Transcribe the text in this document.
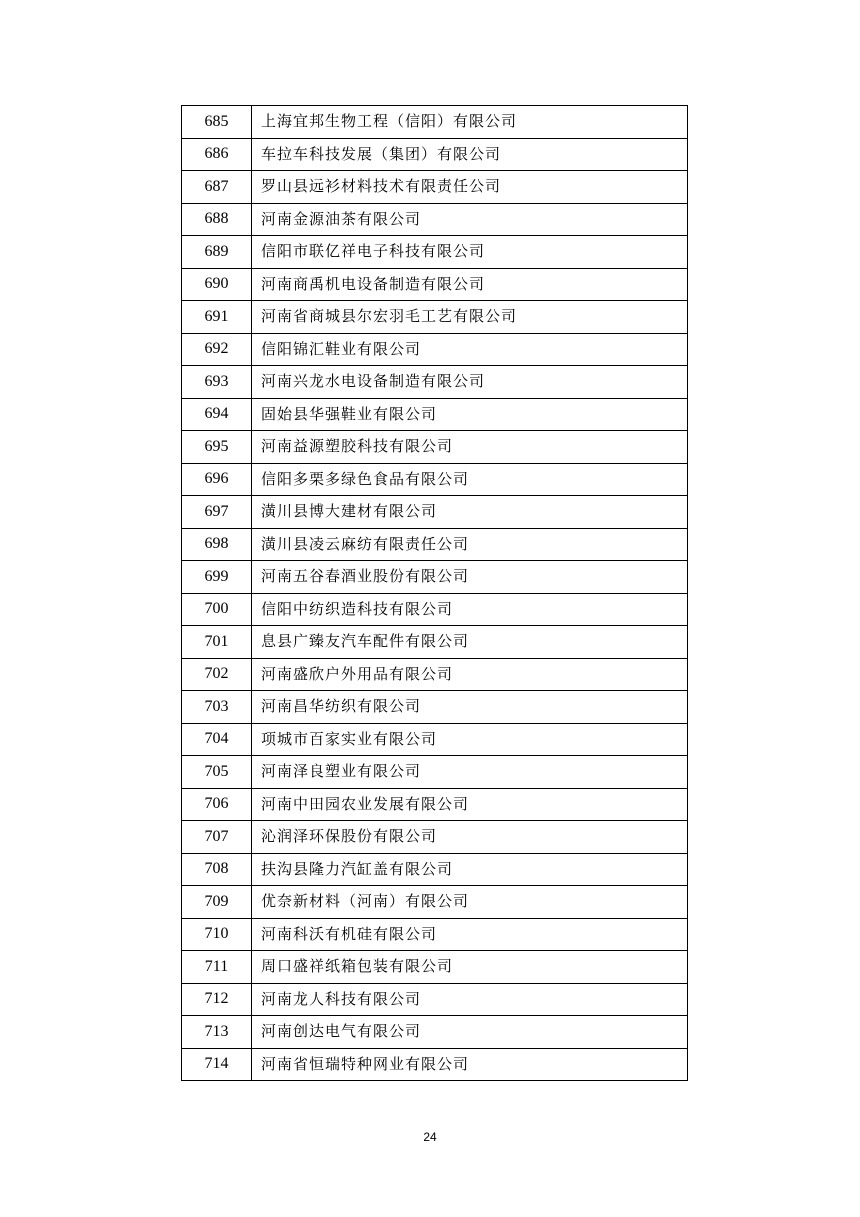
685	上海宜邦生物工程（信阳）有限公司
686	车拉车科技发展（集团）有限公司
687	罗山县远衫材料技术有限责任公司
688	河南金源油茶有限公司
689	信阳市联亿祥电子科技有限公司
690	河南商禹机电设备制造有限公司
691	河南省商城县尔宏羽毛工艺有限公司
692	信阳锦汇鞋业有限公司
693	河南兴龙水电设备制造有限公司
694	固始县华强鞋业有限公司
695	河南益源塑胶科技有限公司
696	信阳多栗多绿色食品有限公司
697	潢川县博大建材有限公司
698	潢川县凌云麻纺有限责任公司
699	河南五谷春酒业股份有限公司
700	信阳中纺织造科技有限公司
701	息县广臻友汽车配件有限公司
702	河南盛欣户外用品有限公司
703	河南昌华纺织有限公司
704	项城市百家实业有限公司
705	河南泽良塑业有限公司
706	河南中田园农业发展有限公司
707	沁润泽环保股份有限公司
708	扶沟县隆力汽缸盖有限公司
709	优奈新材料（河南）有限公司
710	河南科沃有机硅有限公司
711	周口盛祥纸箱包装有限公司
712	河南龙人科技有限公司
713	河南创达电气有限公司
714	河南省恒瑞特种网业有限公司
24
